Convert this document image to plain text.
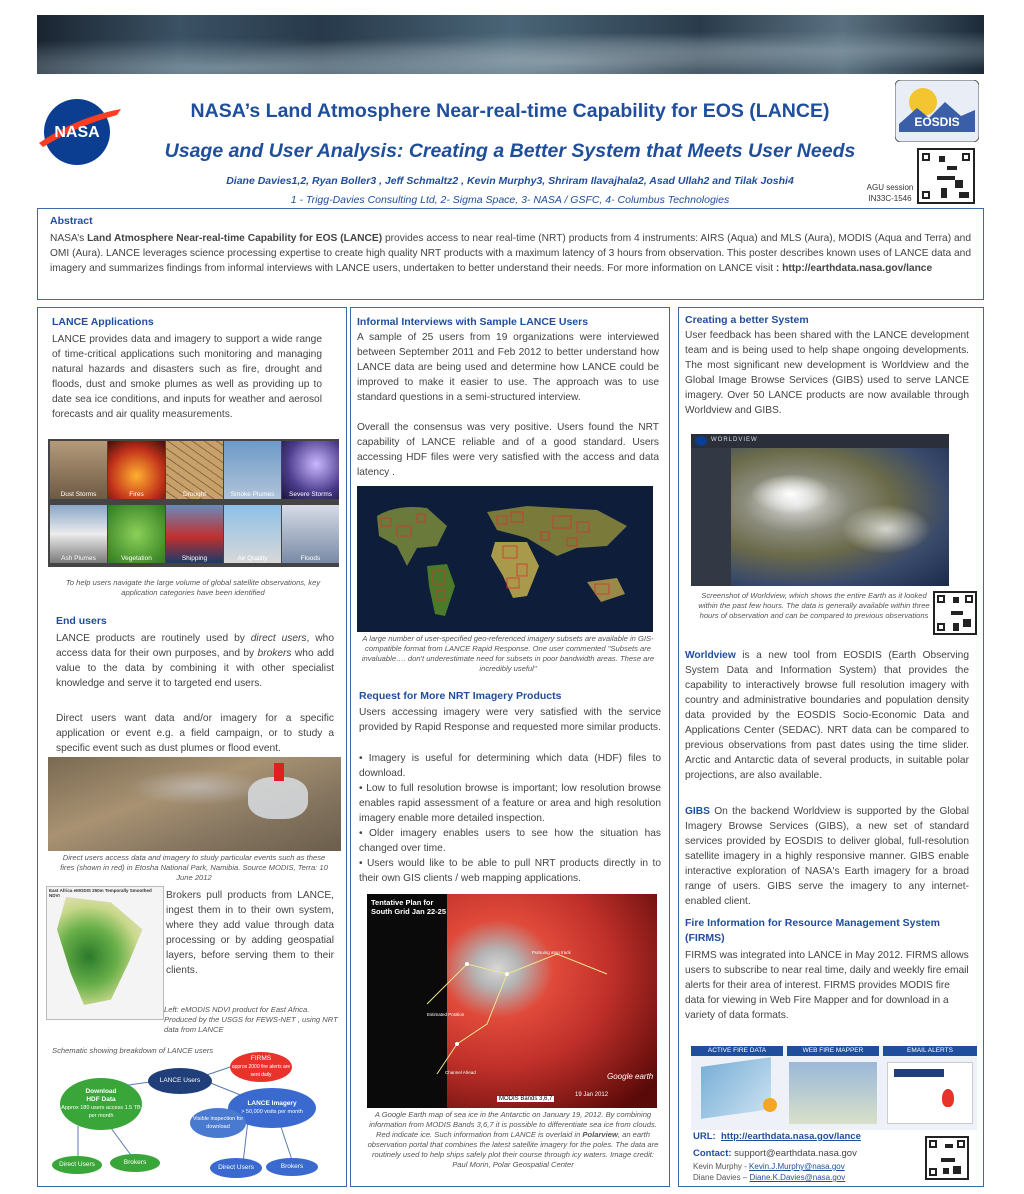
NASA
EOSDIS
NASA’s Land Atmosphere Near-real-time Capability for EOS (LANCE)
Usage and User Analysis: Creating a Better System that Meets User Needs
Diane Davies1,2, Ryan Boller3 , Jeff Schmaltz2 , Kevin Murphy3, Shriram Ilavajhala2, Asad Ullah2 and Tilak Joshi4
1 - Trigg-Davies Consulting Ltd, 2- Sigma Space, 3- NASA / GSFC, 4- Columbus Technologies
AGU session
IN33C-1546
Abstract
NASA’s Land Atmosphere Near-real-time Capability for EOS (LANCE) provides access to near real-time (NRT) products from 4 instruments: AIRS (Aqua) and MLS (Aura), MODIS (Aqua and Terra) and OMI (Aura). LANCE leverages science processing expertise to create high quality NRT products with a maximum latency of 3 hours from observation. This poster describes known uses of LANCE data and imagery and summarizes findings from informal interviews with LANCE users, undertaken to better understand their needs. For more information on LANCE visit : http://earthdata.nasa.gov/lance
LANCE Applications
LANCE provides data and imagery to support a wide range of time-critical applications such monitoring and managing natural hazards and disasters such as fire, drought and floods, dust and smoke plumes as well as providing up to date sea ice conditions, and inputs for weather and aerosol forecasts and air quality measurements.
Dust Storms	Fires	Drought	Smoke Plumes	Severe Storms
Ash Plumes	Vegetation	Shipping	Air Quality	Floods
To help users navigate the large volume of global satellite observations, key application categories have been identified
End users
LANCE products are routinely used by direct users, who access data for their own purposes, and by brokers who add value to the data by combining it with other specialist knowledge and serve it to targeted end users.
Direct users want data and/or imagery for a specific application or event e.g. a field campaign, or to study a specific event such as dust plumes or flood event.
Direct users access data and imagery to study particular events such as these fires (shown in red) in Etosha National Park, Namibia. Source MODIS, Terra: 10 June 2012
East Africa eMODIS 250m Temporally Smoothed NDVI	Brokers pull products from LANCE, ingest them in to their own system, where they add value through data processing or by adding geospatial layers, before serving them to their clients.
Left: eMODIS NDVI product for East Africa. Produced by the USGS for FEWS-NET , using NRT data from LANCE
Schematic showing breakdown of LANCE users
FIRMS
approx 2000 fire alerts are sent daily
LANCE Users
Download
HDF Data
Approx 180 users access 1.5 TB per month
LANCE Imagery
> 50,000 visits per month
Visible inspection for download
Direct Users	Brokers
Direct Users	Brokers
Informal Interviews with Sample LANCE Users
A sample of 25 users from 19 organizations were interviewed between September 2011 and Feb 2012 to better understand how LANCE data are being used and determine how LANCE could be improved to make it easier to use. The approach was to use standard questions in a semi-structured interview.
Overall the consensus was very positive. Users found the NRT capability of LANCE reliable and of a good standard. Users accessing HDF files were very satisfied with the access and data latency .
A large number of user-specified geo-referenced imagery subsets are available in GIS-compatible format from LANCE Rapid Response. One user commented "Subsets are invaluable…. don't underestimate need for subsets in poor bandwidth areas. These are incredibly useful"
Request for More NRT Imagery Products
Users accessing imagery were very satisfied with the service provided by Rapid Response and requested more similar products.
• Imagery is useful for determining which data (HDF) files to download.
• Low to full resolution browse is important; low resolution browse enables rapid assessment of a feature or area and high resolution imagery enable more detailed inspection.
• Older imagery enables users to see how the situation has changed over time.
• Users would like to be able to pull NRT products directly in to their own GIS clients / web mapping applications.
Tentative Plan for
South Grid Jan 22-25
Pursuing atop track
Estimated Position
Channel Ahead	Google earth
MODIS Bands 3,6,7
19 Jan 2012
A Google Earth map of sea ice in the Antarctic on January 19, 2012. By combining information from MODIS Bands 3,6,7 it is possible to differentiate sea ice from clouds. Red indicate ice. Such information from LANCE is overlaid in Polarview, an earth observation portal that combines the latest satellite imagery for the poles. The data are routinely used to help ships safely plot their course through icy waters. Image credit: Paul Morin, Polar Geospatial Center
Creating a better System
User feedback has been shared with the LANCE development team and is being used to help shape ongoing developments. The most significant new development is Worldview and the Global Image Browse Services (GIBS) used to serve LANCE imagery. Over 50 LANCE products are now available through Worldview and GIBS.
WORLDVIEW
Screenshot of Worldview, which shows the entire Earth as it looked within the past few hours. The data is generally available within three hours of observation and can be compared to previous observations
Worldview is a new tool from EOSDIS (Earth Observing System Data and Information System) that provides the capability to interactively browse full resolution imagery with country and administrative boundaries and population density data provided by the EOSDIS Socio-Economic Data and Applications Center (SEDAC). NRT data can be compared to previous observations from past dates using the time slider. Arctic and Antarctic data of several products, in suitable polar projections, are also available.
GIBS On the backend Worldview is supported by the Global Imagery Browse Services (GIBS), a new set of standard services provided by EOSDIS to deliver global, full-resolution satellite imagery in a highly responsive manner. GIBS enable interactive exploration of NASA's Earth imagery for a broad range of users. GIBS serve the imagery to any internet-enabled client.
Fire Information for Resource Management System (FIRMS)
FIRMS was integrated into LANCE in May 2012. FIRMS allows users to subscribe to near real time, daily and weekly fire email alerts for their area of interest. FIRMS provides MODIS fire data for viewing in Web Fire Mapper and for download in a variety of data formats.
ACTIVE FIRE DATA	WEB FIRE MAPPER	EMAIL ALERTS
URL: http://earthdata.nasa.gov/lance
Contact: support@earthdata.nasa.gov
Kevin Murphy - Kevin.J.Murphy@nasa.gov
Diane Davies – Diane.K.Davies@nasa.gov
